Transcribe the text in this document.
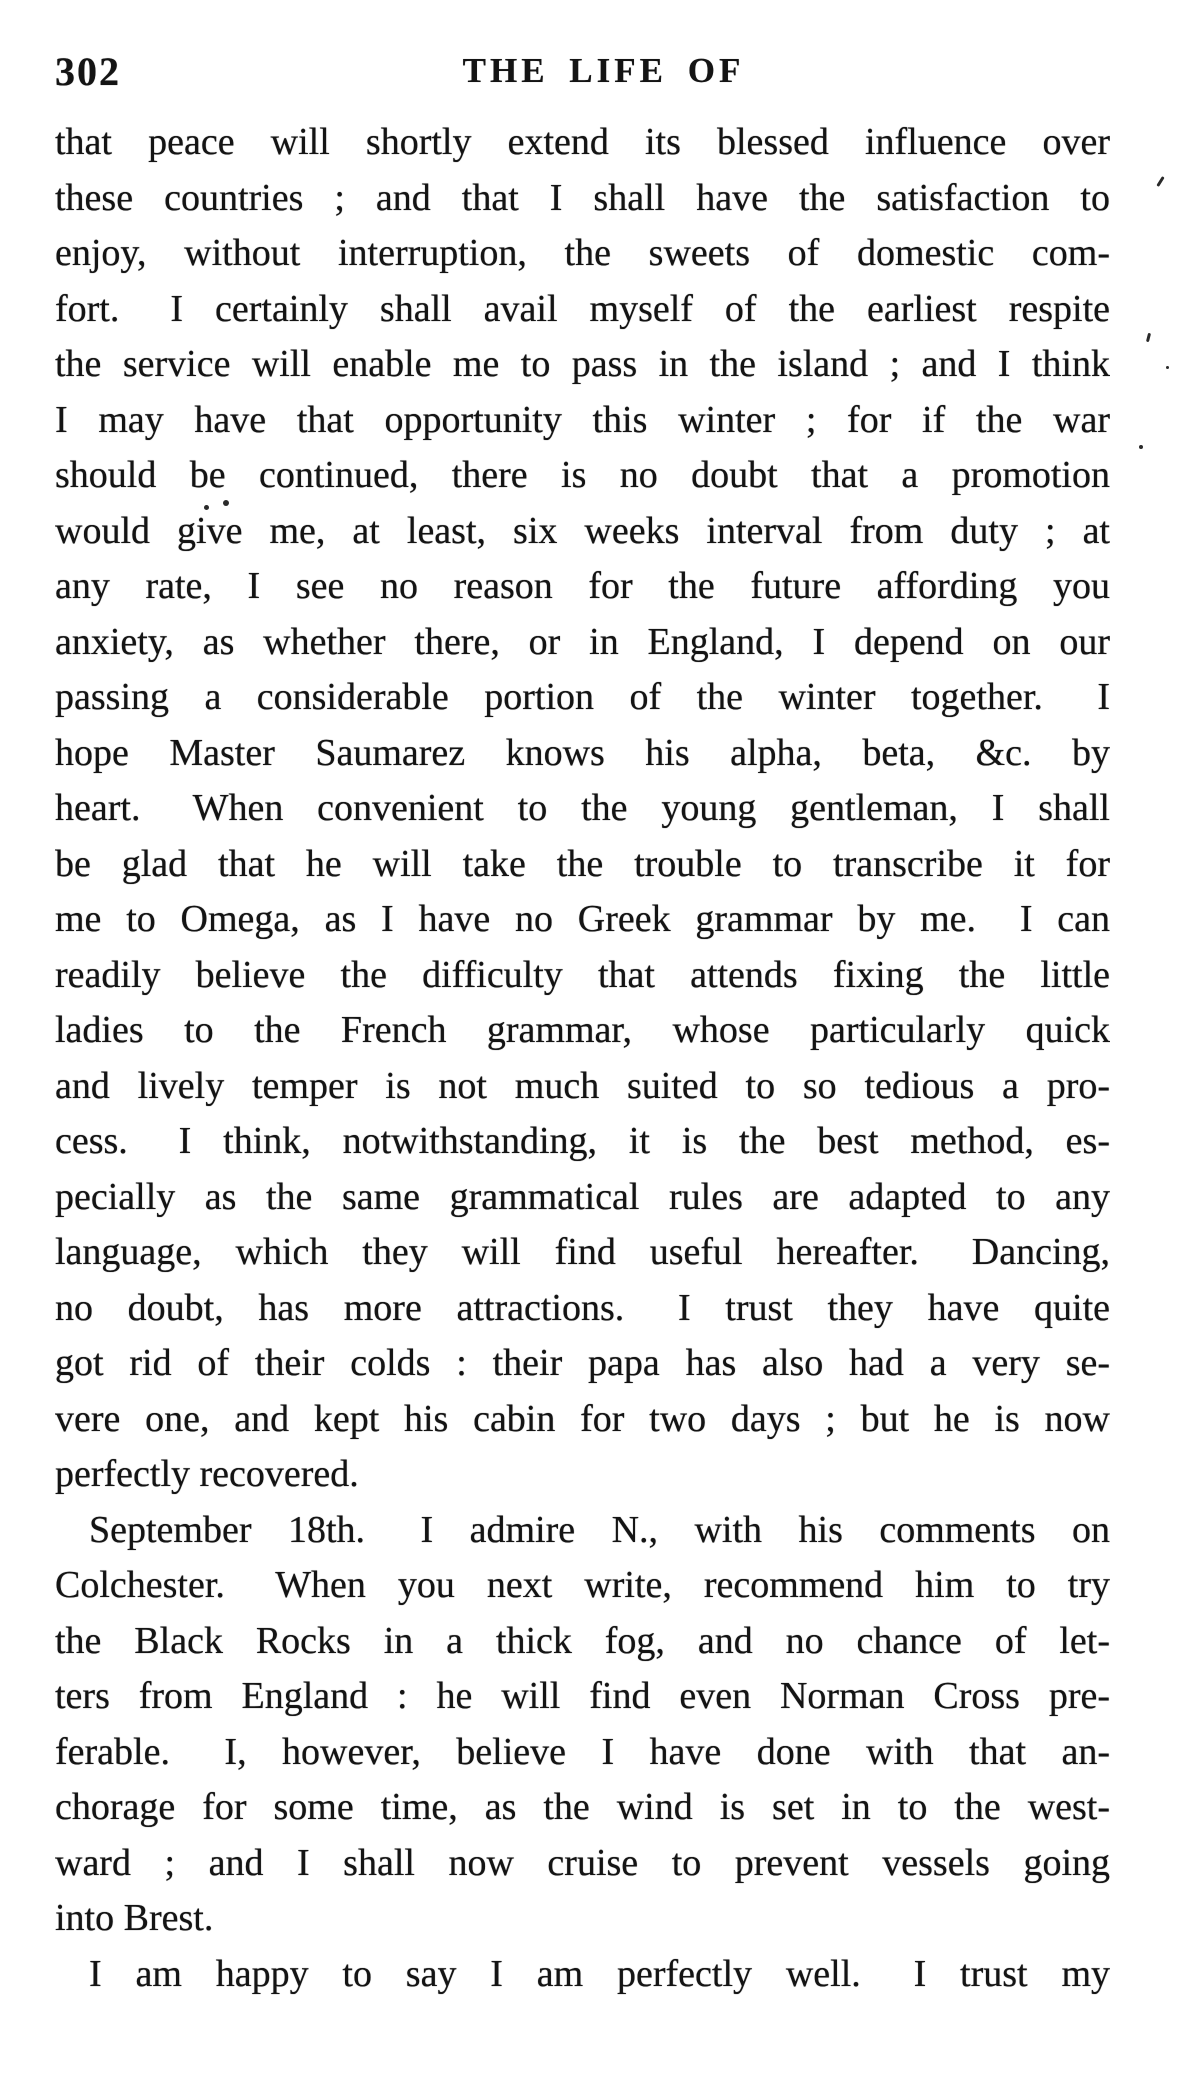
302	THE LIFE OF
that peace will shortly extend its blessed influence over
these countries ; and that I shall have the satisfaction to
enjoy, without interruption, the sweets of domestic com-
fort.  I certainly shall avail myself of the earliest respite
the service will enable me to pass in the island ; and I think
I may have that opportunity this winter ; for if the war
should be continued, there is no doubt that a promotion
would give me, at least, six weeks interval from duty ; at
any rate, I see no reason for the future affording you
anxiety, as whether there, or in England, I depend on our
passing a considerable portion of the winter together.  I
hope Master Saumarez knows his alpha, beta, &c. by
heart.  When convenient to the young gentleman, I shall
be glad that he will take the trouble to transcribe it for
me to Omega, as I have no Greek grammar by me.  I can
readily believe the difficulty that attends fixing the little
ladies to the French grammar, whose particularly quick
and lively temper is not much suited to so tedious a pro-
cess.  I think, notwithstanding, it is the best method, es-
pecially as the same grammatical rules are adapted to any
language, which they will find useful hereafter.  Dancing,
no doubt, has more attractions.  I trust they have quite
got rid of their colds : their papa has also had a very se-
vere one, and kept his cabin for two days ; but he is now
perfectly recovered.
September 18th.  I admire N., with his comments on
Colchester.  When you next write, recommend him to try
the Black Rocks in a thick fog, and no chance of let-
ters from England : he will find even Norman Cross pre-
ferable.  I, however, believe I have done with that an-
chorage for some time, as the wind is set in to the west-
ward ; and I shall now cruise to prevent vessels going
into Brest.
I am happy to say I am perfectly well.  I trust my
